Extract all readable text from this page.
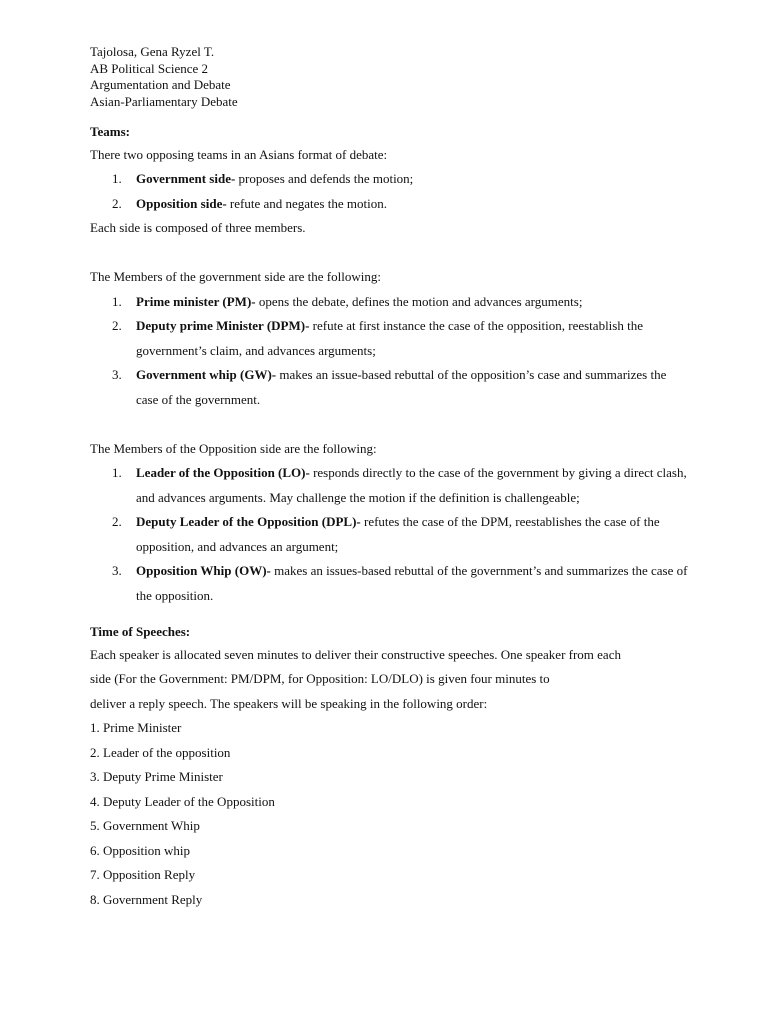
Tajolosa, Gena Ryzel T.
AB Political Science 2
Argumentation and Debate
Asian-Parliamentary Debate
Teams:
There two opposing teams in an Asians format of debate:
1. Government side- proposes and defends the motion;
2. Opposition side- refute and negates the motion.
Each side is composed of three members.
The Members of the government side are the following:
1. Prime minister (PM)- opens the debate, defines the motion and advances arguments;
2. Deputy prime Minister (DPM)- refute at first instance the case of the opposition, reestablish the government’s claim, and advances arguments;
3. Government whip (GW)- makes an issue-based rebuttal of the opposition’s case and summarizes the case of the government.
The Members of the Opposition side are the following:
1. Leader of the Opposition (LO)- responds directly to the case of the government by giving a direct clash, and advances arguments. May challenge the motion if the definition is challengeable;
2. Deputy Leader of the Opposition (DPL)- refutes the case of the DPM, reestablishes the case of the opposition, and advances an argument;
3. Opposition Whip (OW)- makes an issues-based rebuttal of the government’s and summarizes the case of the opposition.
Time of Speeches:
Each speaker is allocated seven minutes to deliver their constructive speeches. One speaker from each
side (For the Government: PM/DPM, for Opposition: LO/DLO) is given four minutes to
deliver a reply speech. The speakers will be speaking in the following order:
1. Prime Minister
2. Leader of the opposition
3. Deputy Prime Minister
4. Deputy Leader of the Opposition
5. Government Whip
6. Opposition whip
7. Opposition Reply
8. Government Reply
